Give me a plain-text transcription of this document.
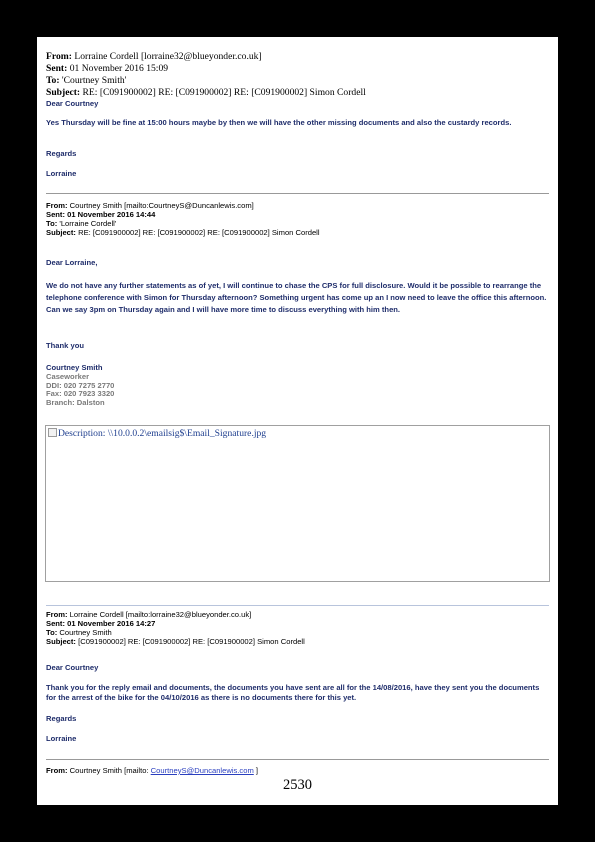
From: Lorraine Cordell [lorraine32@blueyonder.co.uk]
Sent: 01 November 2016 15:09
To: 'Courtney Smith'
Subject: RE: [C091900002] RE: [C091900002] RE: [C091900002] Simon Cordell
Dear Courtney
Yes Thursday will be fine at 15:00 hours maybe by then we will have the other missing documents and also the custardy records.
Regards
Lorraine
From: Courtney Smith [mailto:CourtneyS@Duncanlewis.com]
Sent: 01 November 2016 14:44
To: 'Lorraine Cordell'
Subject: RE: [C091900002] RE: [C091900002] RE: [C091900002] Simon Cordell
Dear Lorraine,
We do not have any further statements as of yet, I will continue to chase the CPS for full disclosure. Would it be possible to rearrange the telephone conference with Simon for Thursday afternoon? Something urgent has come up an I now need to leave the office this afternoon. Can we say 3pm on Thursday again and I will have more time to discuss everything with him then.
Thank you
Courtney Smith
Caseworker
DDI: 020 7275 2770
Fax: 020 7923 3320
Branch: Dalston
Description: \\10.0.0.2\emailsig$\Email_Signature.jpg
From: Lorraine Cordell [mailto:lorraine32@blueyonder.co.uk]
Sent: 01 November 2016 14:27
To: Courtney Smith
Subject: [C091900002] RE: [C091900002] RE: [C091900002] Simon Cordell
Dear Courtney
Thank you for the reply email and documents, the documents you have sent are all for the 14/08/2016, have they sent you the documents for the arrest of the bike for the 04/10/2016 as there is no documents there for this yet.
Regards
Lorraine
From: Courtney Smith [mailto: CourtneyS@Duncanlewis.com ]
2530
